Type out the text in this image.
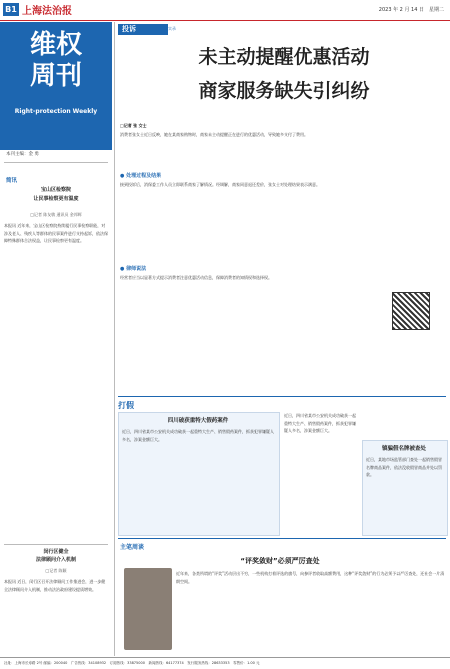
B1 上海法治报	2023 年 2 月 14 日　星期二
维权
周刊
Right-protection Weekly
本刊主编：金 勇
简讯
宝山区检察院
让民事检察更有温度
□记者 陈友敏 通讯员 金邦辉
本报讯 近年来，宝山区检察院持续履行民事检察职能，对涉及老人、残疾人等群体的民事案件进行支持起诉，依法保障特殊群体合法权益，让民事检察更有温度。
闵行区健全
法律顾问介入机制
□记者 陈颖
本报讯 近日，闵行区召开法律顾问工作推进会，进一步健全法律顾问介入机制，推动法治政府建设提质增效。
投诉	实录
未主动提醒优惠活动
商家服务缺失引纠纷
□记者 张 女士
消费者张女士近日反映，她在某商家购物时，商家未主动提醒正在进行的优惠活动，导致她多支付了费用。
● 处理过程及结果
接到投诉后，消保委工作人员立即联系商家了解情况。经调解，商家同意退还差价，张女士对处理结果表示满意。
● 律师说法
经营者应当以显著方式提示消费者注意优惠活动信息，保障消费者的知情权和选择权。
打假
四川破获重特大假药案件
近日，四川省某市公安机关成功破获一起重特大生产、销售假药案件，抓获犯罪嫌疑人多名，涉案金额巨大。
近日，四川省某市公安机关成功破获一起重特大生产、销售假药案件，抓获犯罪嫌疑人多名，涉案金额巨大。
镇骗假名牌被查处
近日，某地市场监管部门查处一起销售假冒名牌商品案件，依法没收假冒商品并处以罚款。
主笔周谈
“评奖敛财”必须严厉查处
近年来，各类所谓的“评奖”活动层出不穷，一些机构打着评选的旗号，向参评者收取高额费用，这种“评奖敛财”的行为必须予以严厉查处，还社会一片清朗空间。
社址：上海市长寿路 2号 邮编：200040　广告热线：34108932　订阅热线：33875000　新闻热线：64177374　发行服务热线：28633353　零售价：1.00 元
